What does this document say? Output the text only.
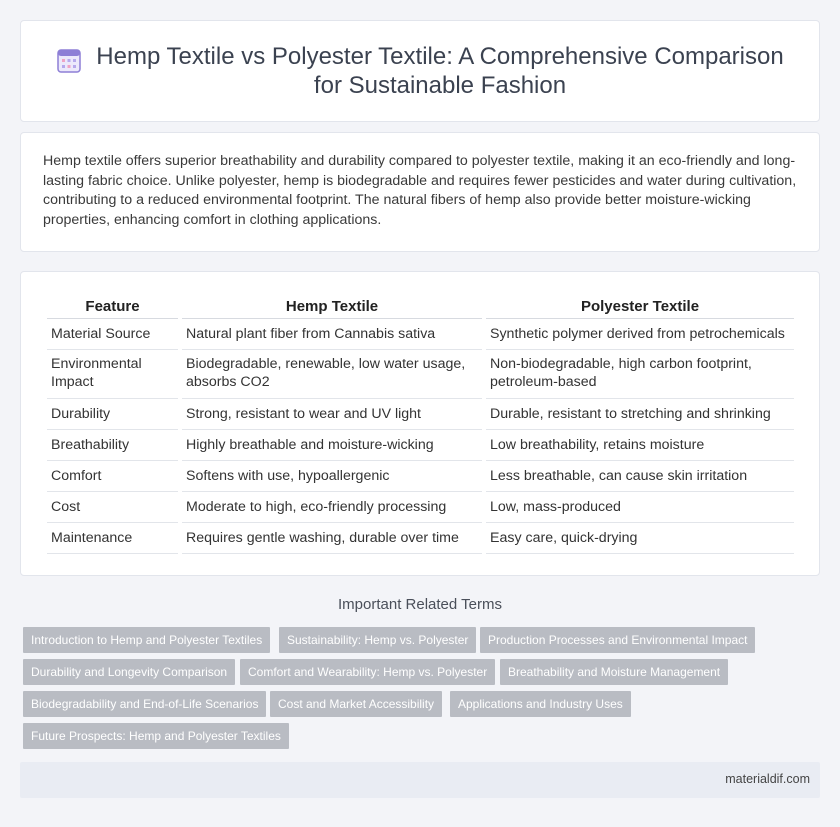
Hemp Textile vs Polyester Textile: A Comprehensive Comparison for Sustainable Fashion

Hemp textile offers superior breathability and durability compared to polyester textile, making it an eco-friendly and long-lasting fabric choice. Unlike polyester, hemp is biodegradable and requires fewer pesticides and water during cultivation, contributing to a reduced environmental footprint. The natural fibers of hemp also provide better moisture-wicking properties, enhancing comfort in clothing applications.

Feature	Hemp Textile	Polyester Textile
Material Source	Natural plant fiber from Cannabis sativa	Synthetic polymer derived from petrochemicals
Environmental Impact	Biodegradable, renewable, low water usage, absorbs CO2	Non-biodegradable, high carbon footprint, petroleum-based
Durability	Strong, resistant to wear and UV light	Durable, resistant to stretching and shrinking
Breathability	Highly breathable and moisture-wicking	Low breathability, retains moisture
Comfort	Softens with use, hypoallergenic	Less breathable, can cause skin irritation
Cost	Moderate to high, eco-friendly processing	Low, mass-produced
Maintenance	Requires gentle washing, durable over time	Easy care, quick-drying
Important Related Terms
Introduction to Hemp and Polyester Textiles	Sustainability: Hemp vs. Polyester	Production Processes and Environmental Impact
Durability and Longevity Comparison	Comfort and Wearability: Hemp vs. Polyester	Breathability and Moisture Management
Biodegradability and End-of-Life Scenarios	Cost and Market Accessibility	Applications and Industry Uses
Future Prospects: Hemp and Polyester Textiles
materialdif.com
